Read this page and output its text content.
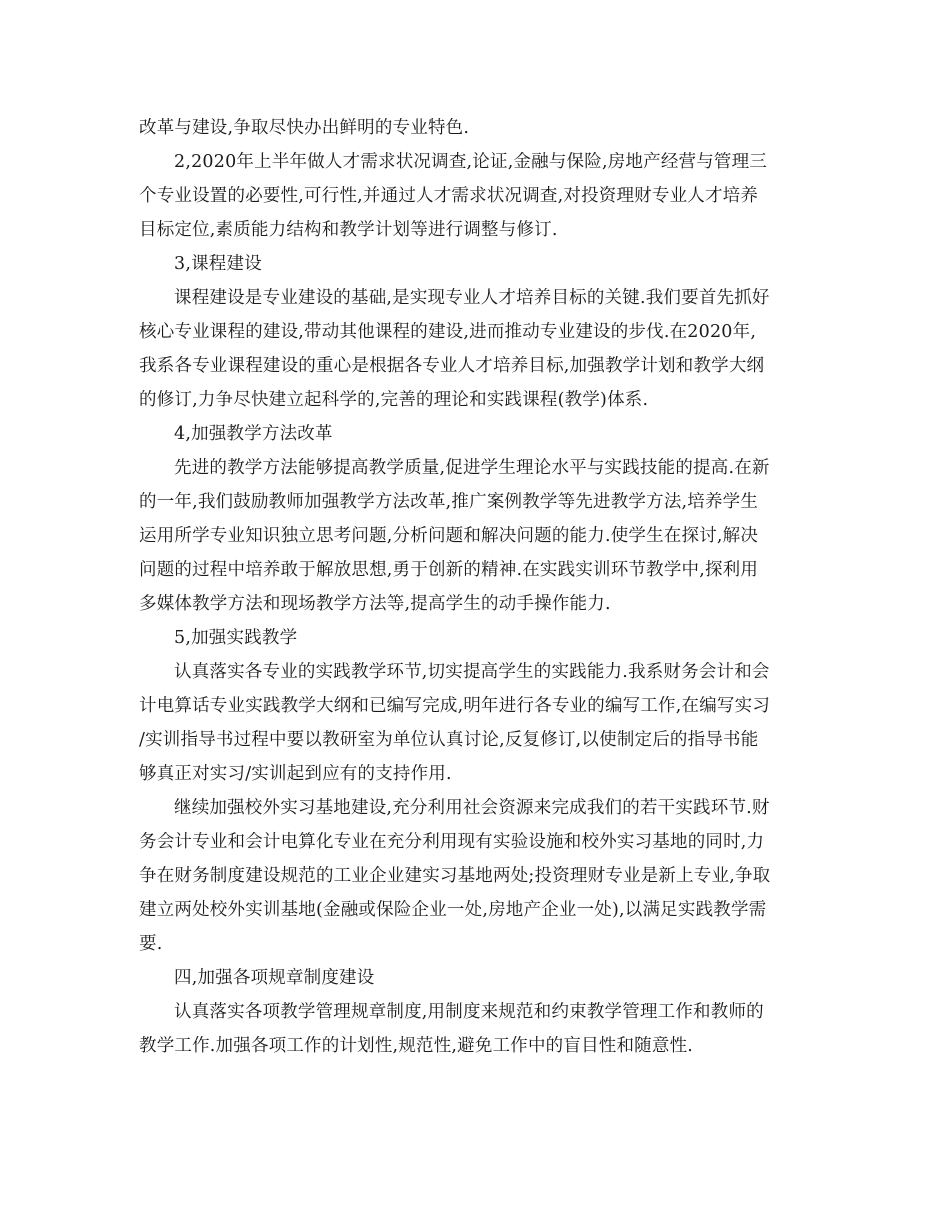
改革与建设,争取尽快办出鲜明的专业特色.
2,2020年上半年做人才需求状况调查,论证,金融与保险,房地产经营与管理三
个专业设置的必要性,可行性,并通过人才需求状况调查,对投资理财专业人才培养
目标定位,素质能力结构和教学计划等进行调整与修订.
3,课程建设
课程建设是专业建设的基础,是实现专业人才培养目标的关键.我们要首先抓好
核心专业课程的建设,带动其他课程的建设,进而推动专业建设的步伐.在2020年,
我系各专业课程建设的重心是根据各专业人才培养目标,加强教学计划和教学大纲
的修订,力争尽快建立起科学的,完善的理论和实践课程(教学)体系.
4,加强教学方法改革
先进的教学方法能够提高教学质量,促进学生理论水平与实践技能的提高.在新
的一年,我们鼓励教师加强教学方法改革,推广案例教学等先进教学方法,培养学生
运用所学专业知识独立思考问题,分析问题和解决问题的能力.使学生在探讨,解决
问题的过程中培养敢于解放思想,勇于创新的精神.在实践实训环节教学中,探利用
多媒体教学方法和现场教学方法等,提高学生的动手操作能力.
5,加强实践教学
认真落实各专业的实践教学环节,切实提高学生的实践能力.我系财务会计和会
计电算话专业实践教学大纲和已编写完成,明年进行各专业的编写工作,在编写实习
/实训指导书过程中要以教研室为单位认真讨论,反复修订,以使制定后的指导书能
够真正对实习/实训起到应有的支持作用.
继续加强校外实习基地建设,充分利用社会资源来完成我们的若干实践环节.财
务会计专业和会计电算化专业在充分利用现有实验设施和校外实习基地的同时,力
争在财务制度建设规范的工业企业建实习基地两处;投资理财专业是新上专业,争取
建立两处校外实训基地(金融或保险企业一处,房地产企业一处),以满足实践教学需
要.
四,加强各项规章制度建设
认真落实各项教学管理规章制度,用制度来规范和约束教学管理工作和教师的
教学工作.加强各项工作的计划性,规范性,避免工作中的盲目性和随意性.
